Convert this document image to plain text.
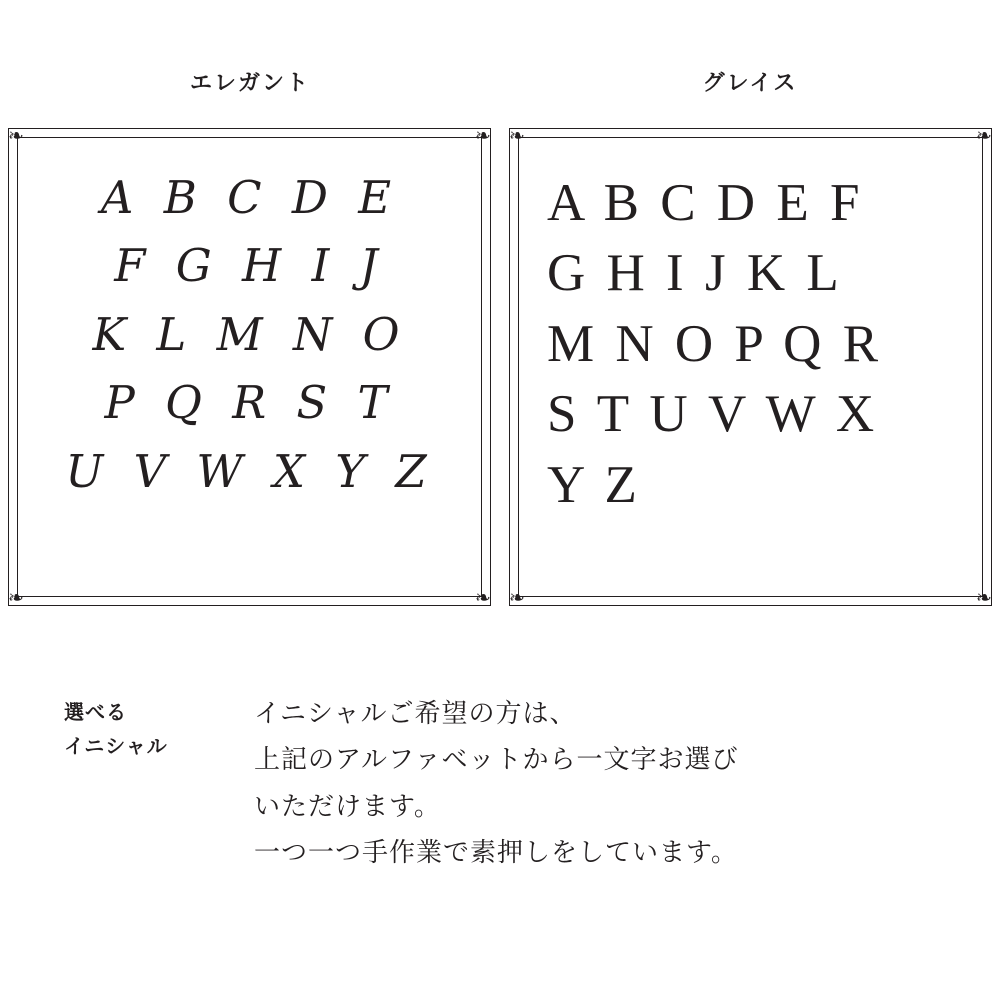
エレガント	グレイス
❧	❧
❧	❧
A B C D E
F G H I J
K L M N O
P Q R S T
U V W X Y Z
❧	❧
❧	❧
A B C D E F
G H I J K L
M N O P Q R
S T U V W X
Y Z
選べる
イニシャル
イニシャルご希望の方は、
上記のアルファベットから一文字お選び
いただけます。
一つ一つ手作業で素押しをしています。
